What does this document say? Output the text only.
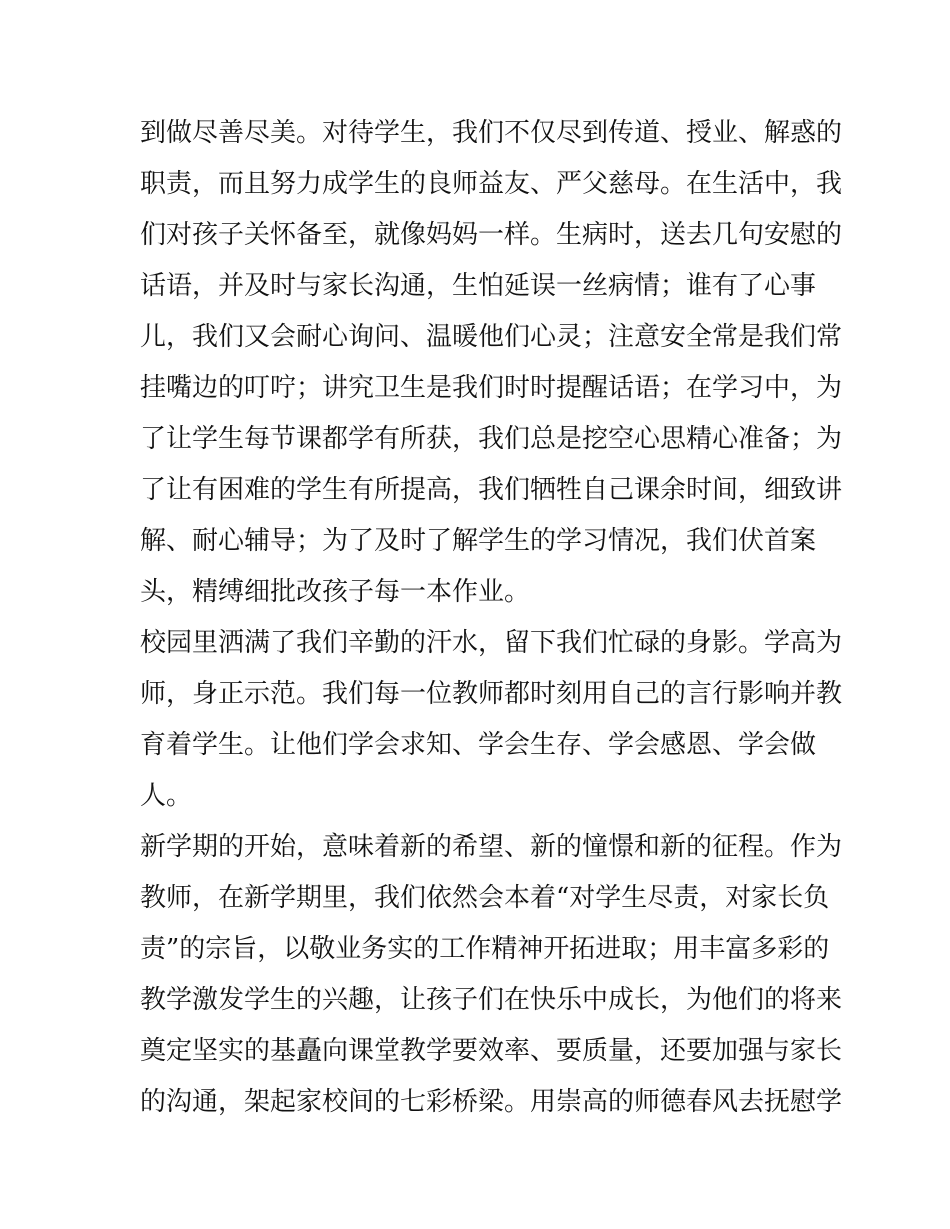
到做尽善尽美。对待学生，我们不仅尽到传道、授业、解惑的
职责，而且努力成学生的良师益友、严父慈母。在生活中，我
们对孩子关怀备至，就像妈妈一样。生病时，送去几句安慰的
话语，并及时与家长沟通，生怕延误一丝病情；谁有了心事
儿，我们又会耐心询问、温暖他们心灵；注意安全常是我们常
挂嘴边的叮咛；讲究卫生是我们时时提醒话语；在学习中，为
了让学生每节课都学有所获，我们总是挖空心思精心准备；为
了让有困难的学生有所提高，我们牺牲自己课余时间，细致讲
解、耐心辅导；为了及时了解学生的学习情况，我们伏首案
头，精缚细批改孩子每一本作业。
校园里洒满了我们辛勤的汗水，留下我们忙碌的身影。学高为
师，身正示范。我们每一位教师都时刻用自己的言行影响并教
育着学生。让他们学会求知、学会生存、学会感恩、学会做
人。
新学期的开始，意味着新的希望、新的憧憬和新的征程。作为
教师，在新学期里，我们依然会本着“对学生尽责，对家长负
责”的宗旨，以敬业务实的工作精神开拓进取；用丰富多彩的
教学激发学生的兴趣，让孩子们在快乐中成长，为他们的将来
奠定坚实的基矗向课堂教学要效率、要质量，还要加强与家长
的沟通，架起家校间的七彩桥梁。用崇高的师德春风去抚慰学
